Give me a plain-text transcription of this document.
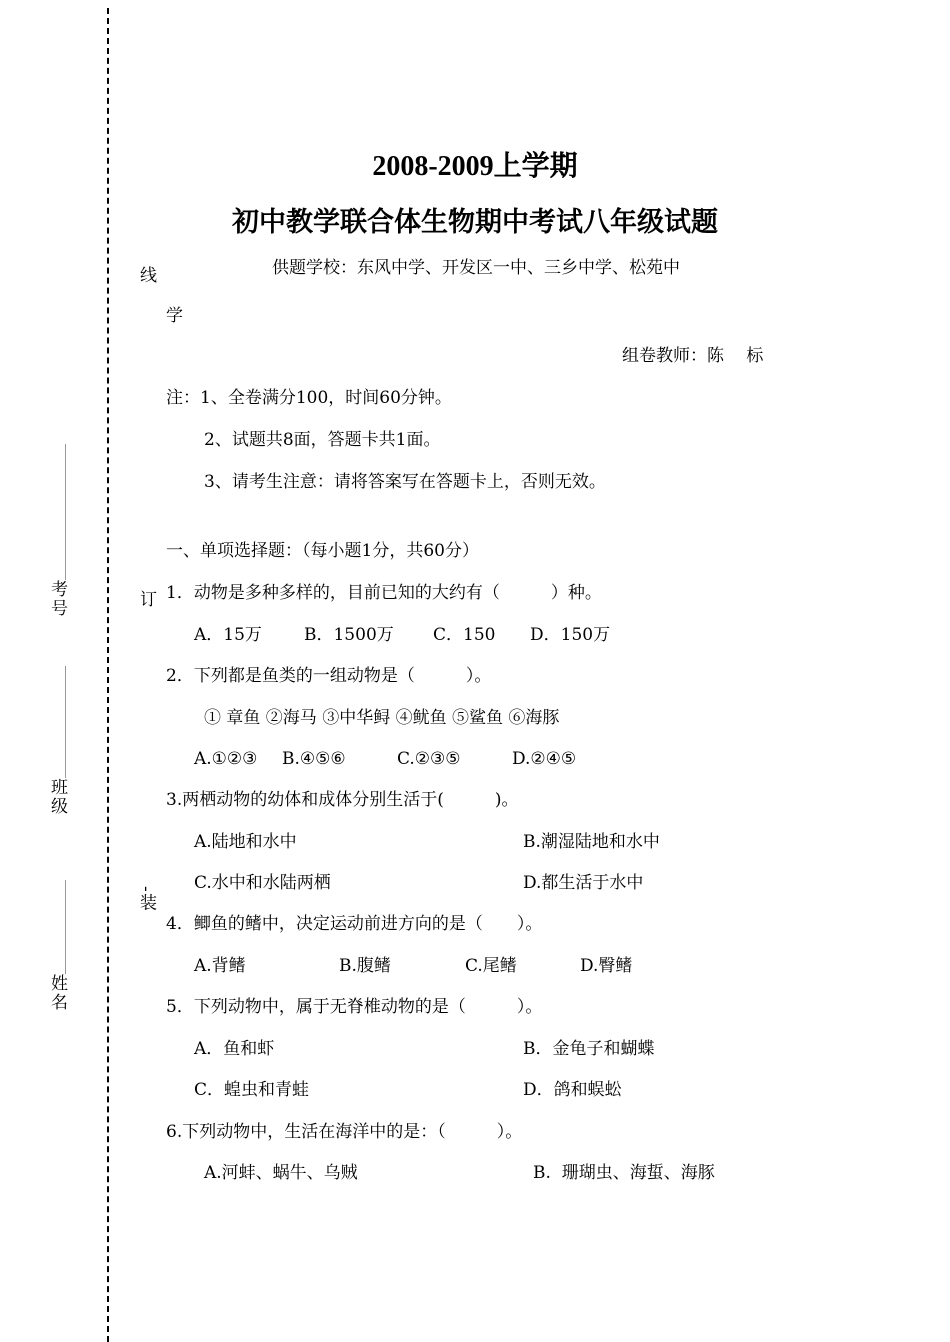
线
订
-装
考号
班级
姓名
2008-2009上学期
初中教学联合体生物期中考试八年级试题
供题学校：东风中学、开发区一中、三乡中学、松苑中
学
组卷教师：陈　 标
注：1、全卷满分100，时间60分钟。
2、试题共8面，答题卡共1面。
3、请考生注意：请将答案写在答题卡上，否则无效。
一、单项选择题：（每小题1分，共60分）
1．动物是多种多样的，目前已知的大约有（　　　）种。
A．15万 B．1500万 C．150 D．150万
2．下列都是鱼类的一组动物是（　　　）。
① 章鱼 ②海马 ③中华鲟 ④鱿鱼 ⑤鲨鱼 ⑥海豚
A.①②③ B.④⑤⑥	C.②③⑤	D.②④⑤
3.两栖动物的幼体和成体分别生活于(　　　)。
A.陆地和水中	B.潮湿陆地和水中
C.水中和水陆两栖	D.都生活于水中
4．鲫鱼的鳍中，决定运动前进方向的是（　　）。
A.背鳍	B.腹鳍	C.尾鳍	D.臀鳍
5．下列动物中，属于无脊椎动物的是（　　　）。
A．鱼和虾	B．金龟子和蝴蝶
C．蝗虫和青蛙	D．鸽和蜈蚣
6.下列动物中，生活在海洋中的是：（　　　）。
A.河蚌、蜗牛、乌贼	B.  珊瑚虫、海蜇、海豚
